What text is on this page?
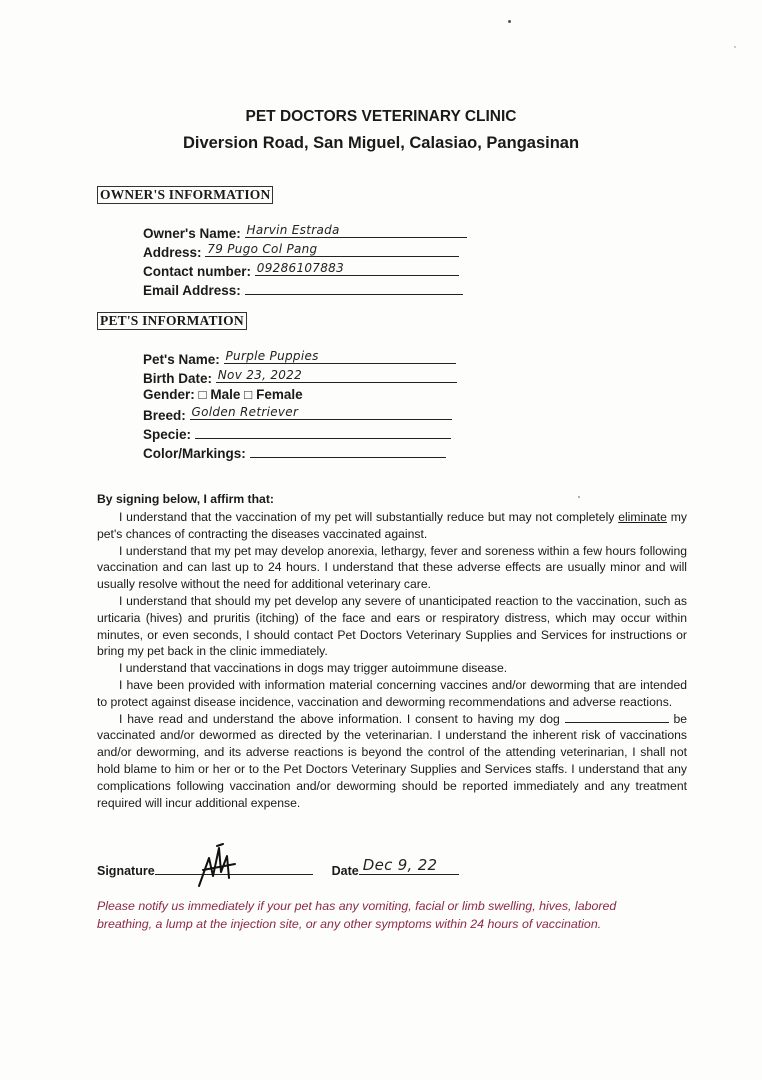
PET DOCTORS VETERINARY CLINIC
Diversion Road, San Miguel, Calasiao, Pangasinan
OWNER'S INFORMATION
Owner's Name: Harvin Estrada
Address: 79 Pugo Col Pang
Contact number: 09286107883
Email Address:
PET'S INFORMATION
Pet's Name: Purple Puppies
Birth Date: Nov 23, 2022
Gender: □ Male □ Female
Breed: Golden Retriever
Specie:
Color/Markings:
By signing below, I affirm that:

I understand that the vaccination of my pet will substantially reduce but may not completely eliminate my pet's chances of contracting the diseases vaccinated against.

I understand that my pet may develop anorexia, lethargy, fever and soreness within a few hours following vaccination and can last up to 24 hours. I understand that these adverse effects are usually minor and will usually resolve without the need for additional veterinary care.

I understand that should my pet develop any severe of unanticipated reaction to the vaccination, such as urticaria (hives) and pruritis (itching) of the face and ears or respiratory distress, which may occur within minutes, or even seconds, I should contact Pet Doctors Veterinary Supplies and Services for instructions or bring my pet back in the clinic immediately.

I understand that vaccinations in dogs may trigger autoimmune disease.

I have been provided with information material concerning vaccines and/or deworming that are intended to protect against disease incidence, vaccination and deworming recommendations and adverse reactions.

I have read and understand the above information. I consent to having my dog	be vaccinated and/or dewormed as directed by the veterinarian. I understand the inherent risk of vaccinations and/or deworming, and its adverse reactions is beyond the control of the attending veterinarian, I shall not hold blame to him or her or to the Pet Doctors Veterinary Supplies and Services staffs. I understand that any complications following vaccination and/or deworming should be reported immediately and any treatment required will incur additional expense.

Signature	Date Dec 9, 22
Please notify us immediately if your pet has any vomiting, facial or limb swelling, hives, labored breathing, a lump at the injection site, or any other symptoms within 24 hours of vaccination.
